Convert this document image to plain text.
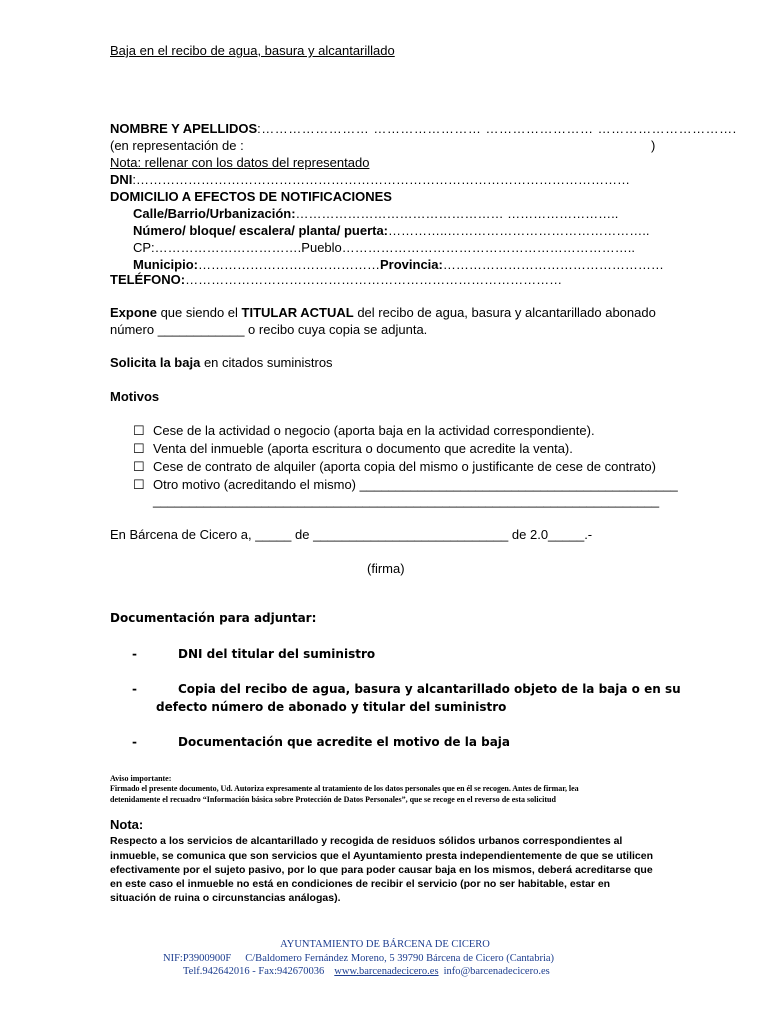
Baja en el recibo de agua, basura y alcantarillado
NOMBRE Y APELLIDOS:…………………… …………………… …………………… ………………………….
(en representación de :	)
Nota: rellenar con los datos del representado
DNI:……………………………………………………………………………………………………
DOMICILIO A EFECTOS DE NOTIFICACIONES
Calle/Barrio/Urbanización:………………………………………… ……………………..
Número/ bloque/ escalera/ planta/ puerta:…………..………………………………………..
CP:…………………………….Pueblo…………………………………………………………..
Municipio:……………………………………Provincia:……………………………………………
TELÉFONO:……………………………………………………………………………
Expone que siendo el TITULAR ACTUAL del recibo de agua, basura y alcantarillado abonado
número ____________ o recibo cuya copia se adjunta.
Solicita la baja en citados suministros
Motivos
☐ Cese de la actividad o negocio (aporta baja en la actividad correspondiente).
☐ Venta del inmueble (aporta escritura o documento que acredite la venta).
☐ Cese de contrato de alquiler (aporta copia del mismo o justificante de cese de contrato)
☐ Otro motivo (acreditando el mismo) ____________________________________________
______________________________________________________________________
En Bárcena de Cicero a, _____ de ___________________________ de 2.0_____.-
(firma)
Documentación para adjuntar:
-	DNI del titular del suministro
-	Copia del recibo de agua, basura y alcantarillado objeto de la baja o en su
defecto número de abonado y titular del suministro
-	Documentación que acredite el motivo de la baja
Aviso importante:
Firmado el presente documento, Ud. Autoriza expresamente al tratamiento de los datos personales que en él se recogen. Antes de firmar, lea
detenidamente el recuadro “Información básica sobre Protección de Datos Personales”, que se recoge en el reverso de esta solicitud
Nota:
Respecto a los servicios de alcantarillado y recogida de residuos sólidos urbanos correspondientes al
inmueble, se comunica que son servicios que el Ayuntamiento presta independientemente de que se utilicen
efectivamente por el sujeto pasivo, por lo que para poder causar baja en los mismos, deberá acreditarse que
en este caso el inmueble no está en condiciones de recibir el servicio (por no ser habitable, estar en
situación de ruina o circunstancias análogas).
AYUNTAMIENTO DE BÁRCENA DE CICERO
NIF:P3900900F C/Baldomero Fernández Moreno, 5 39790 Bárcena de Cicero (Cantabria)
Telf.942642016 - Fax:942670036 www.barcenadecicero.es info@barcenadecicero.es
